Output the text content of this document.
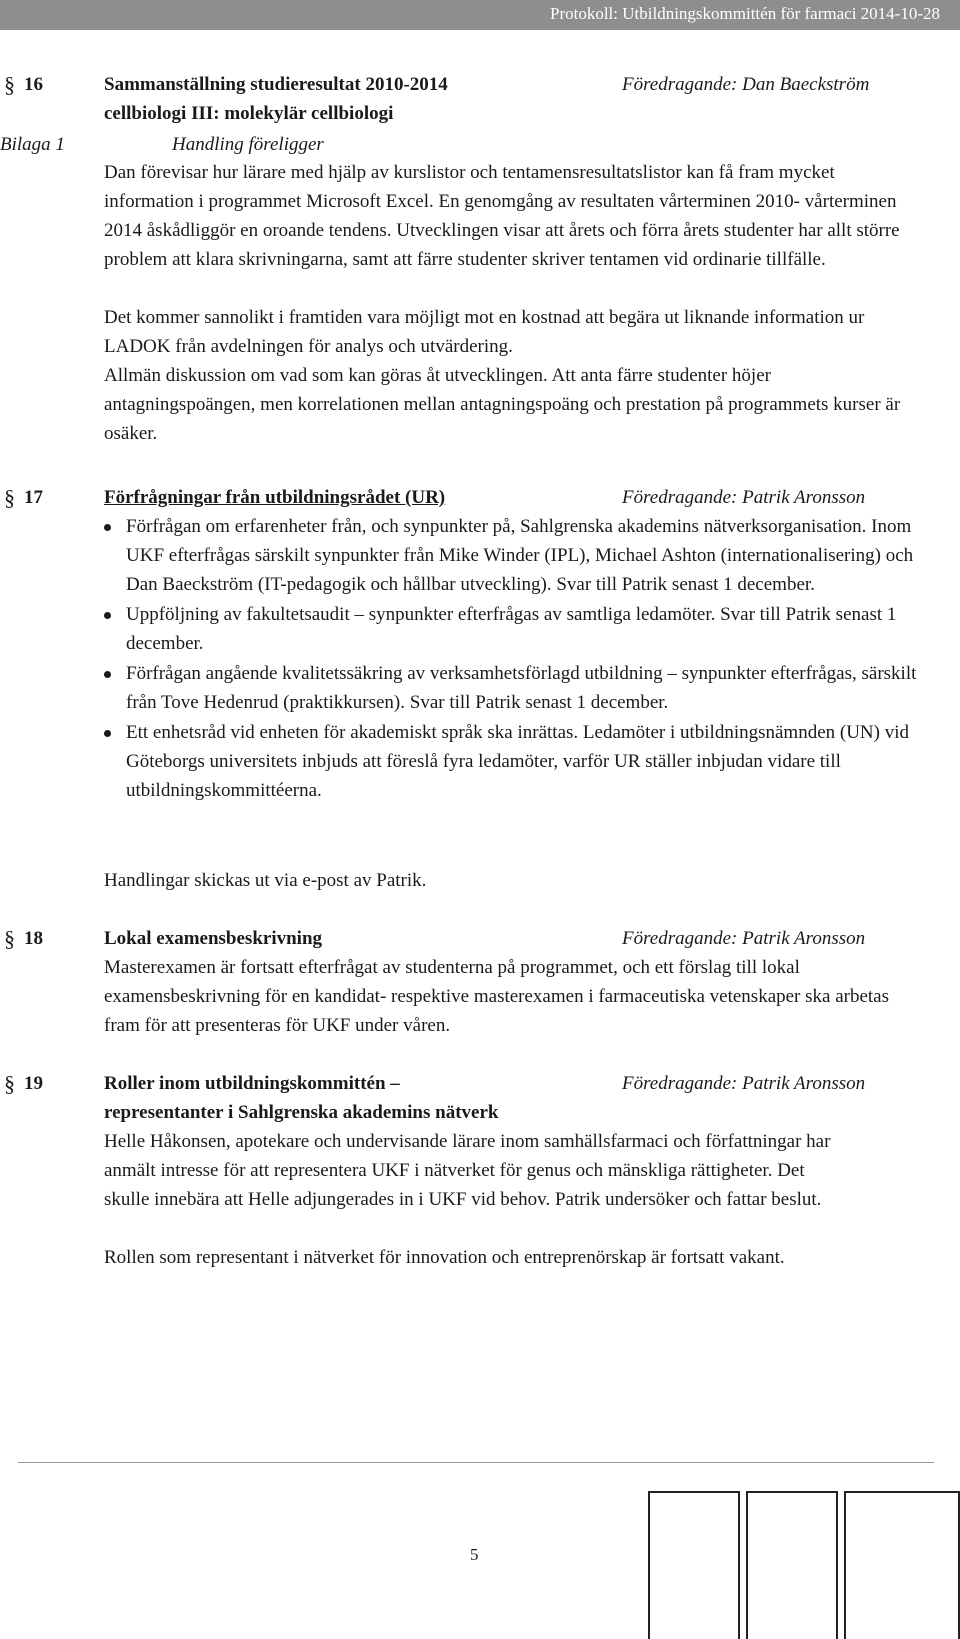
Protokoll: Utbildningskommittén för farmaci 2014-10-28
§ 16	Sammanställning studieresultat 2010-2014
cellbiologi III: molekylär cellbiologi
Föredragande: Dan Baeckström
Bilaga 1	Handling föreligger

Dan förevisar hur lärare med hjälp av kurslistor och tentamensresultatslistor kan få fram mycket information i programmet Microsoft Excel. En genomgång av resultaten vårterminen 2010- vårterminen 2014 åskådliggör en oroande tendens. Utvecklingen visar att årets och förra årets studenter har allt större problem att klara skrivningarna, samt att färre studenter skriver tentamen vid ordinarie tillfälle.

Det kommer sannolikt i framtiden vara möjligt mot en kostnad att begära ut liknande information ur LADOK från avdelningen för analys och utvärdering.

Allmän diskussion om vad som kan göras åt utvecklingen. Att anta färre studenter höjer antagningspoängen, men korrelationen mellan antagningspoäng och prestation på programmets kurser är osäker.

§ 17	Förfrågningar från utbildningsrådet (UR)	Föredragande: Patrik Aronsson
Förfrågan om erfarenheter från, och synpunkter på, Sahlgrenska akademins nätverksorganisation. Inom UKF efterfrågas särskilt synpunkter från Mike Winder (IPL), Michael Ashton (internationalisering) och Dan Baeckström (IT-pedagogik och hållbar utveckling). Svar till Patrik senast 1 december.
Uppföljning av fakultetsaudit – synpunkter efterfrågas av samtliga ledamöter. Svar till Patrik senast 1 december.
Förfrågan angående kvalitetssäkring av verksamhetsförlagd utbildning – synpunkter efterfrågas, särskilt från Tove Hedenrud (praktikkursen). Svar till Patrik senast 1 december.
Ett enhetsråd vid enheten för akademiskt språk ska inrättas. Ledamöter i utbildningsnämnden (UN) vid Göteborgs universitets inbjuds att föreslå fyra ledamöter, varför UR ställer inbjudan vidare till utbildningskommittéerna.

Handlingar skickas ut via e-post av Patrik.

§ 18	Lokal examensbeskrivning	Föredragande: Patrik Aronsson

Masterexamen är fortsatt efterfrågat av studenterna på programmet, och ett förslag till lokal examensbeskrivning för en kandidat- respektive masterexamen i farmaceutiska vetenskaper ska arbetas fram för att presenteras för UKF under våren.

§ 19	Roller inom utbildningskommittén –
representanter i Sahlgrenska akademins nätverk
Föredragande: Patrik Aronsson

Helle Håkonsen, apotekare och undervisande lärare inom samhällsfarmaci och författningar har anmält intresse för att representera UKF i nätverket för genus och mänskliga rättigheter. Det skulle innebära att Helle adjungerades in i UKF vid behov. Patrik undersöker och fattar beslut.

Rollen som representant i nätverket för innovation och entreprenörskap är fortsatt vakant.

5
